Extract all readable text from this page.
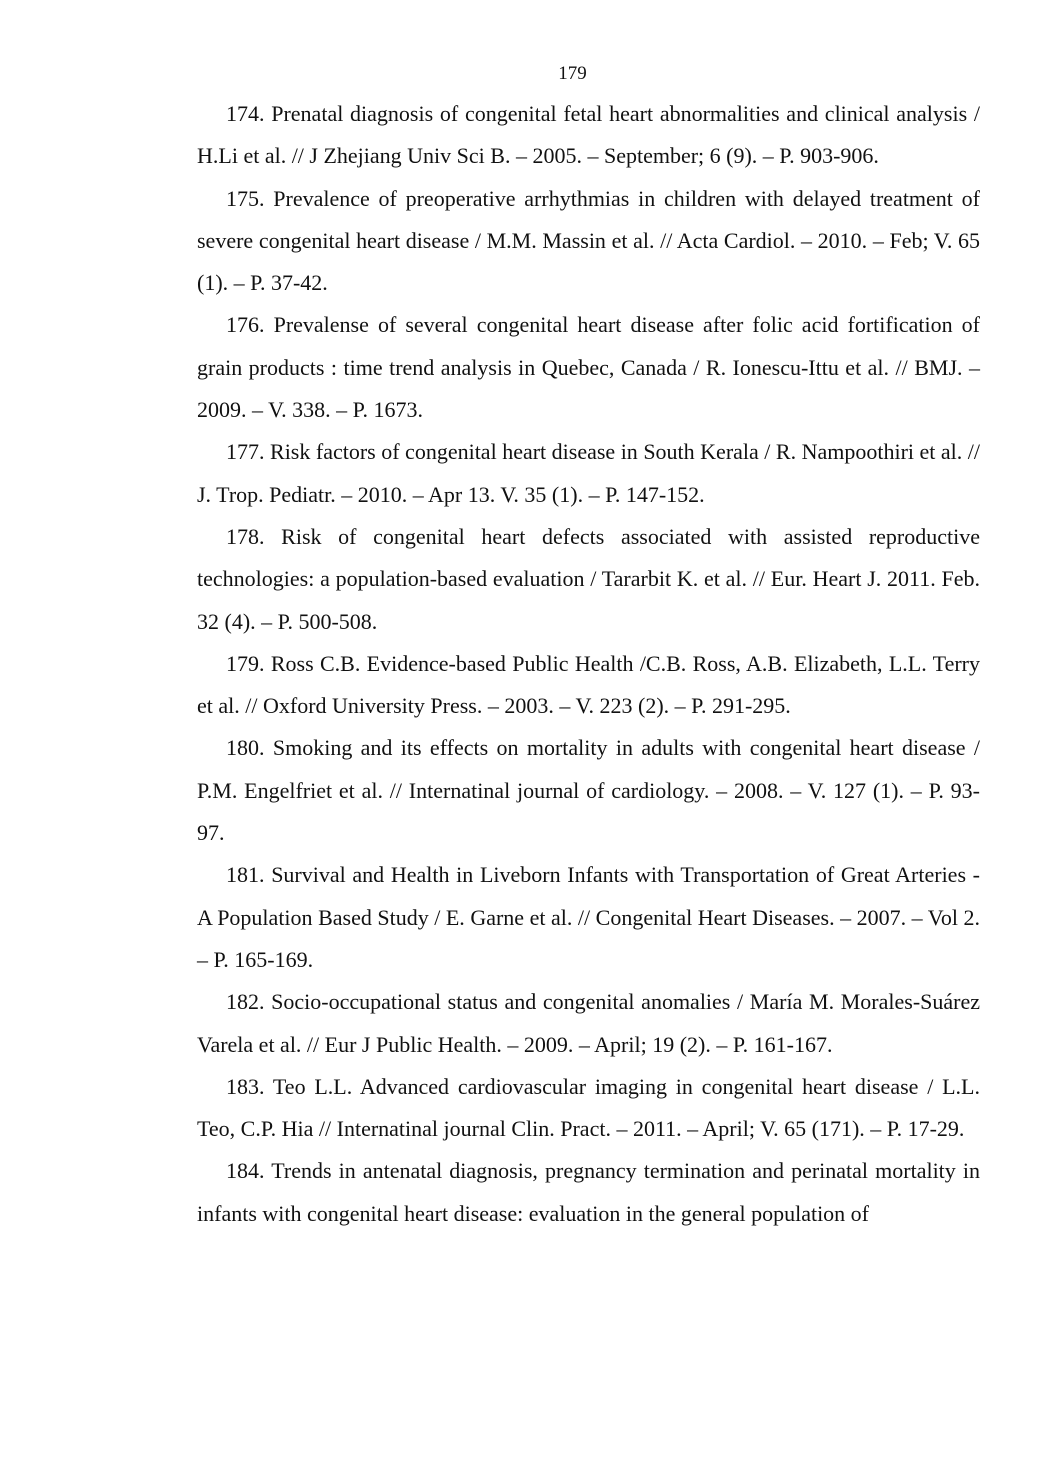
179
174. Prenatal diagnosis of congenital fetal heart abnormalities and clinical analysis / H.Li et al. // J Zhejiang Univ Sci B. – 2005. – September; 6 (9). – P. 903-906.
175. Prevalence of preoperative arrhythmias in children with delayed treatment of severe congenital heart disease / M.M. Massin et al. // Acta Cardiol. – 2010. – Feb; V. 65 (1). – P. 37-42.
176. Prevalense of several congenital heart disease after folic acid fortification of grain products : time trend analysis in Quebec, Canada / R. Ionescu-Ittu et al. // BMJ. – 2009. – V. 338. – P. 1673.
177. Risk factors of congenital heart disease in South Kerala / R. Nampoothiri et al. // J. Trop. Pediatr. – 2010. – Apr 13. V. 35 (1). – P. 147-152.
178. Risk of congenital heart defects associated with assisted reproductive technologies: a population-based evaluation / Tararbit K. et al. // Eur. Heart J. 2011. Feb. 32 (4). – P. 500-508.
179. Ross C.B. Evidence-based Public Health /C.B. Ross, A.B. Elizabeth, L.L. Terry et al. // Oxford University Press. – 2003. – V. 223 (2). – P. 291-295.
180. Smoking and its effects on mortality in adults with congenital heart disease / P.M. Engelfriet et al. // Internatinal journal of cardiology. – 2008. – V. 127 (1). – P. 93-97.
181. Survival and Health in Liveborn Infants with Transportation of Great Arteries - A Population Based Study / E. Garne et al. // Congenital Heart Diseases. – 2007. – Vol 2. – P. 165-169.
182. Socio-occupational status and congenital anomalies / María M. Morales-Suárez Varela et al. // Eur J Public Health. – 2009. – April; 19 (2). – P. 161-167.
183. Teo L.L. Advanced cardiovascular imaging in congenital heart disease / L.L. Teo, C.P. Hia // Internatinal journal Clin. Pract. – 2011. – April; V. 65 (171). – P. 17-29.
184. Trends in antenatal diagnosis, pregnancy termination and perinatal mortality in infants with congenital heart disease: evaluation in the general population of
